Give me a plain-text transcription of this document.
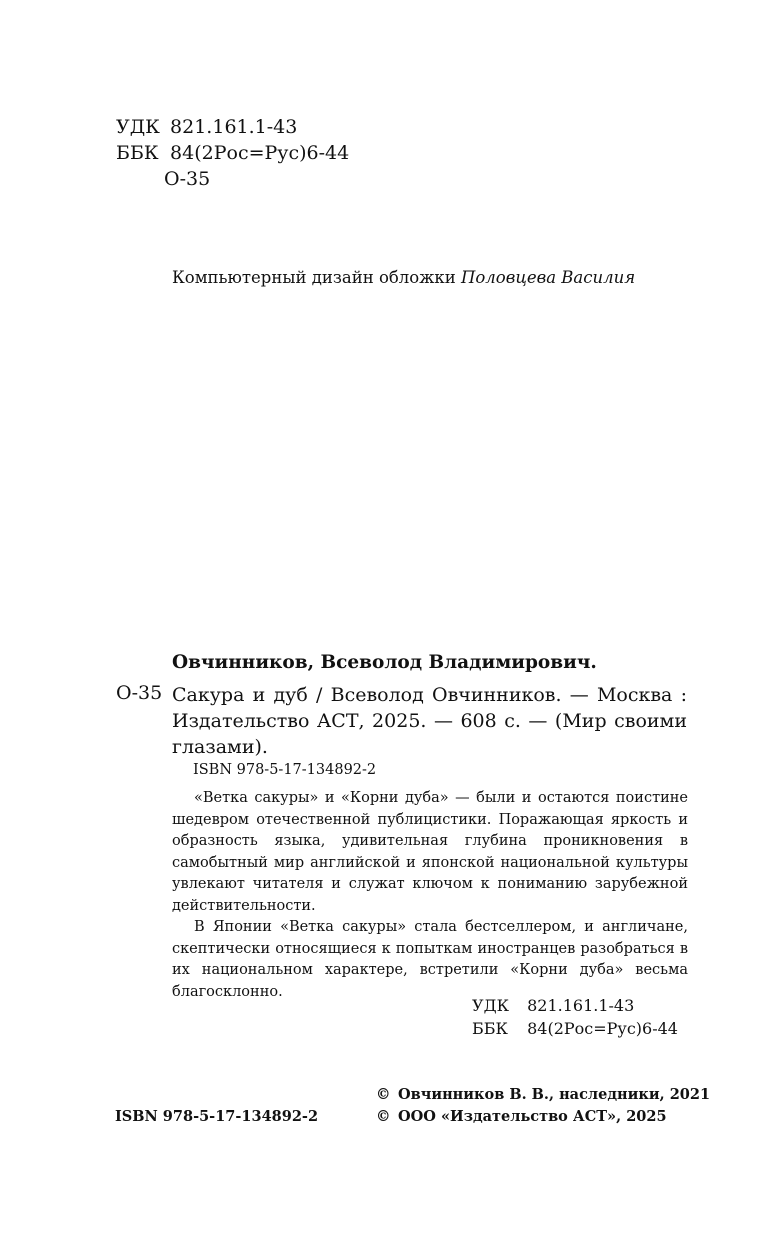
УДК 821.161.1-43
ББК 84(2Рос=Рус)6-44
О-35
Компьютерный дизайн обложки Половцева Василия
Овчинников, Всеволод Владимирович.
О-35 Сакура и дуб / Всеволод Овчинников. — Москва : Издательство АСТ, 2025. — 608 с. — (Мир своими глазами).
ISBN 978-5-17-134892-2

«Ветка сакуры» и «Корни дуба» — были и остаются поистине шедевром отечественной публицистики. Поражающая яркость и образность языка, удивительная глубина проникновения в самобытный мир английской и японской национальной культуры увлекают читателя и служат ключом к пониманию зарубежной действительности.

В Японии «Ветка сакуры» стала бестселлером, и англичане, скептически относящиеся к попыткам иностранцев разобраться в их национальном характере, встретили «Корни дуба» весьма благосклонно.

УДК 821.161.1-43
ББК 84(2Рос=Рус)6-44
ISBN 978-5-17-134892-2
© Овчинников В. В., наследники, 2021
© ООО «Издательство АСТ», 2025
